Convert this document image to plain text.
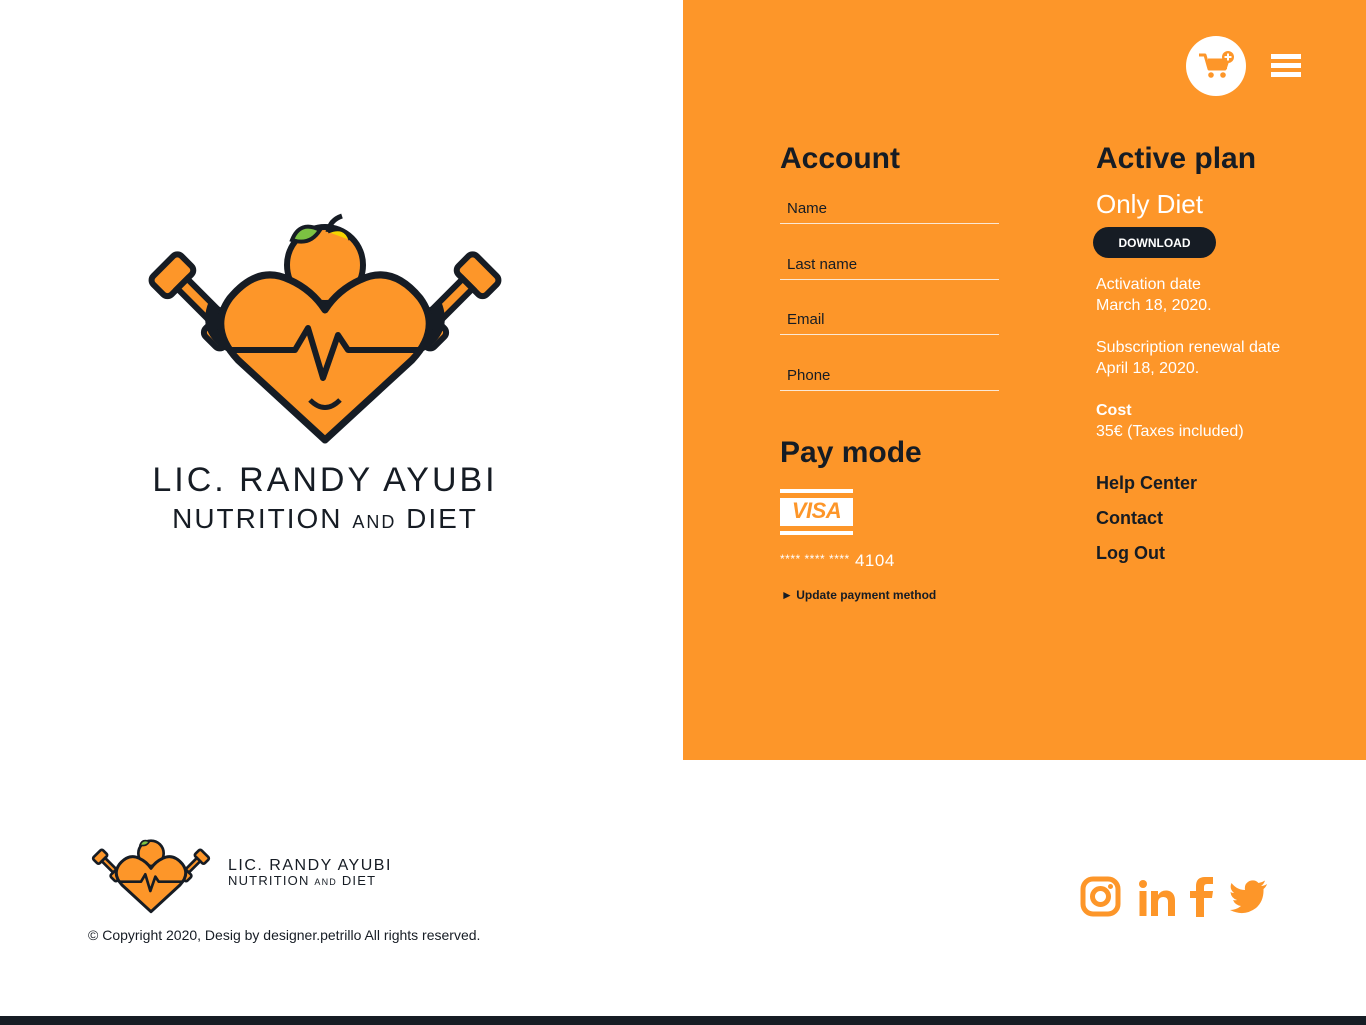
LIC. RANDY AYUBI
NUTRITION AND DIET
Account
Name
Last name
Email
Phone
Pay mode
VISA
**** **** **** 4104
► Update payment method
Active plan
Only Diet
DOWNLOAD
Activation date
March 18, 2020.
Subscription renewal date
April 18, 2020.
Cost
35€ (Taxes included)
Help Center
Contact
Log Out
LIC. RANDY AYUBI
NUTRITION AND DIET
© Copyright 2020, Desig by designer.petrillo All rights reserved.
